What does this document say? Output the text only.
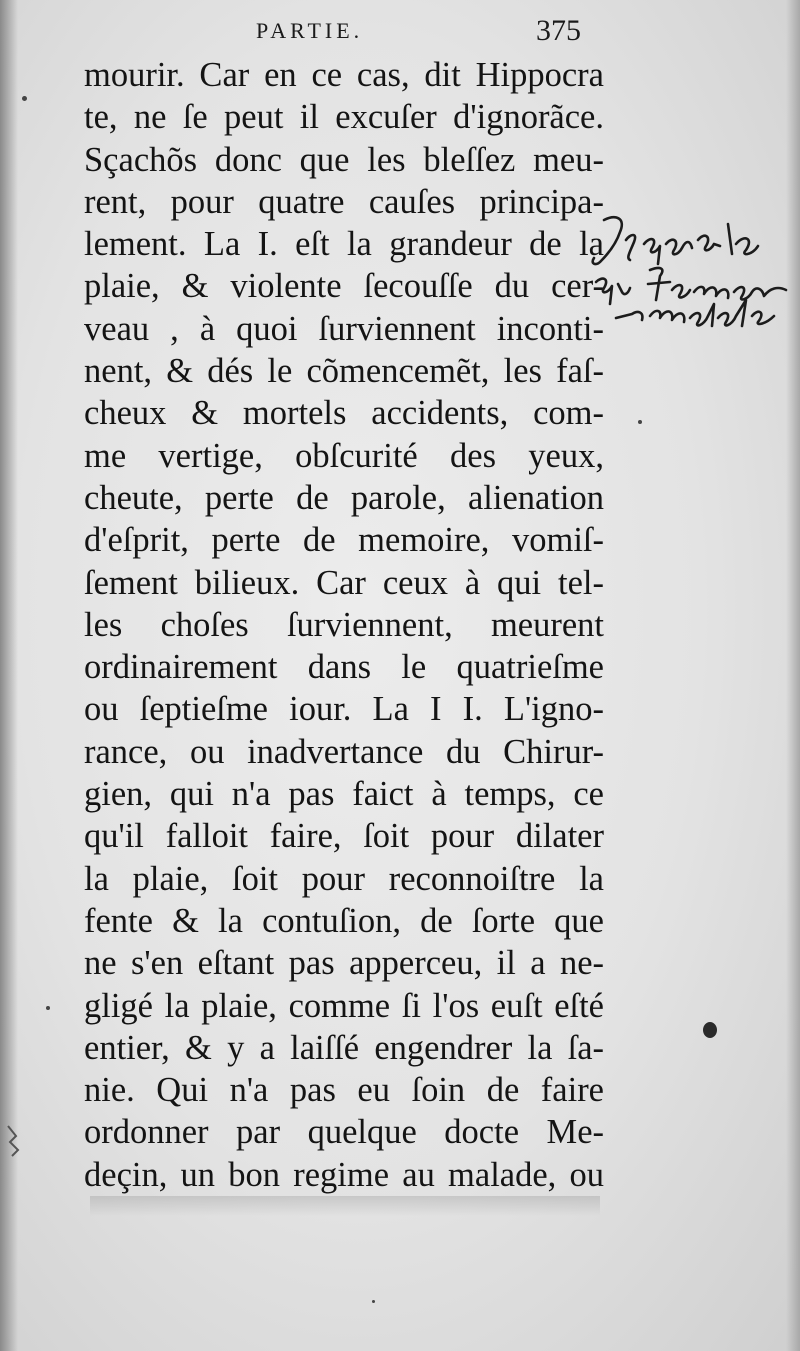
PARTIE.	375
mourir. Car en ce cas, dit Hippocra
te, ne ſe peut il excuſer d'ignorãce.
Sçachõs donc que les bleſſez meu-
rent, pour quatre cauſes principa-
lement. La I. eſt la grandeur de la
plaie, & violente ſecouſſe du cer-
veau , à quoi ſurviennent inconti-
nent, & dés le cõmencemẽt, les faſ-
cheux & mortels accidents, com-
me vertige, obſcurité des yeux,
cheute, perte de parole, alienation
d'eſprit, perte de memoire, vomiſ-
ſement bilieux. Car ceux à qui tel-
les choſes ſurviennent, meurent
ordinairement dans le quatrieſme
ou ſeptieſme iour. La I I. L'igno-
rance, ou inadvertance du Chirur-
gien, qui n'a pas faict à temps, ce
qu'il falloit faire, ſoit pour dilater
la plaie, ſoit pour reconnoiſtre la
fente & la contuſion, de ſorte que
ne s'en eſtant pas apperceu, il a ne-
gligé la plaie, comme ſi l'os euſt eſté
entier, & y a laiſſé engendrer la ſa-
nie. Qui n'a pas eu ſoin de faire
ordonner par quelque docte Me-
deçin, un bon regime au malade, ou
